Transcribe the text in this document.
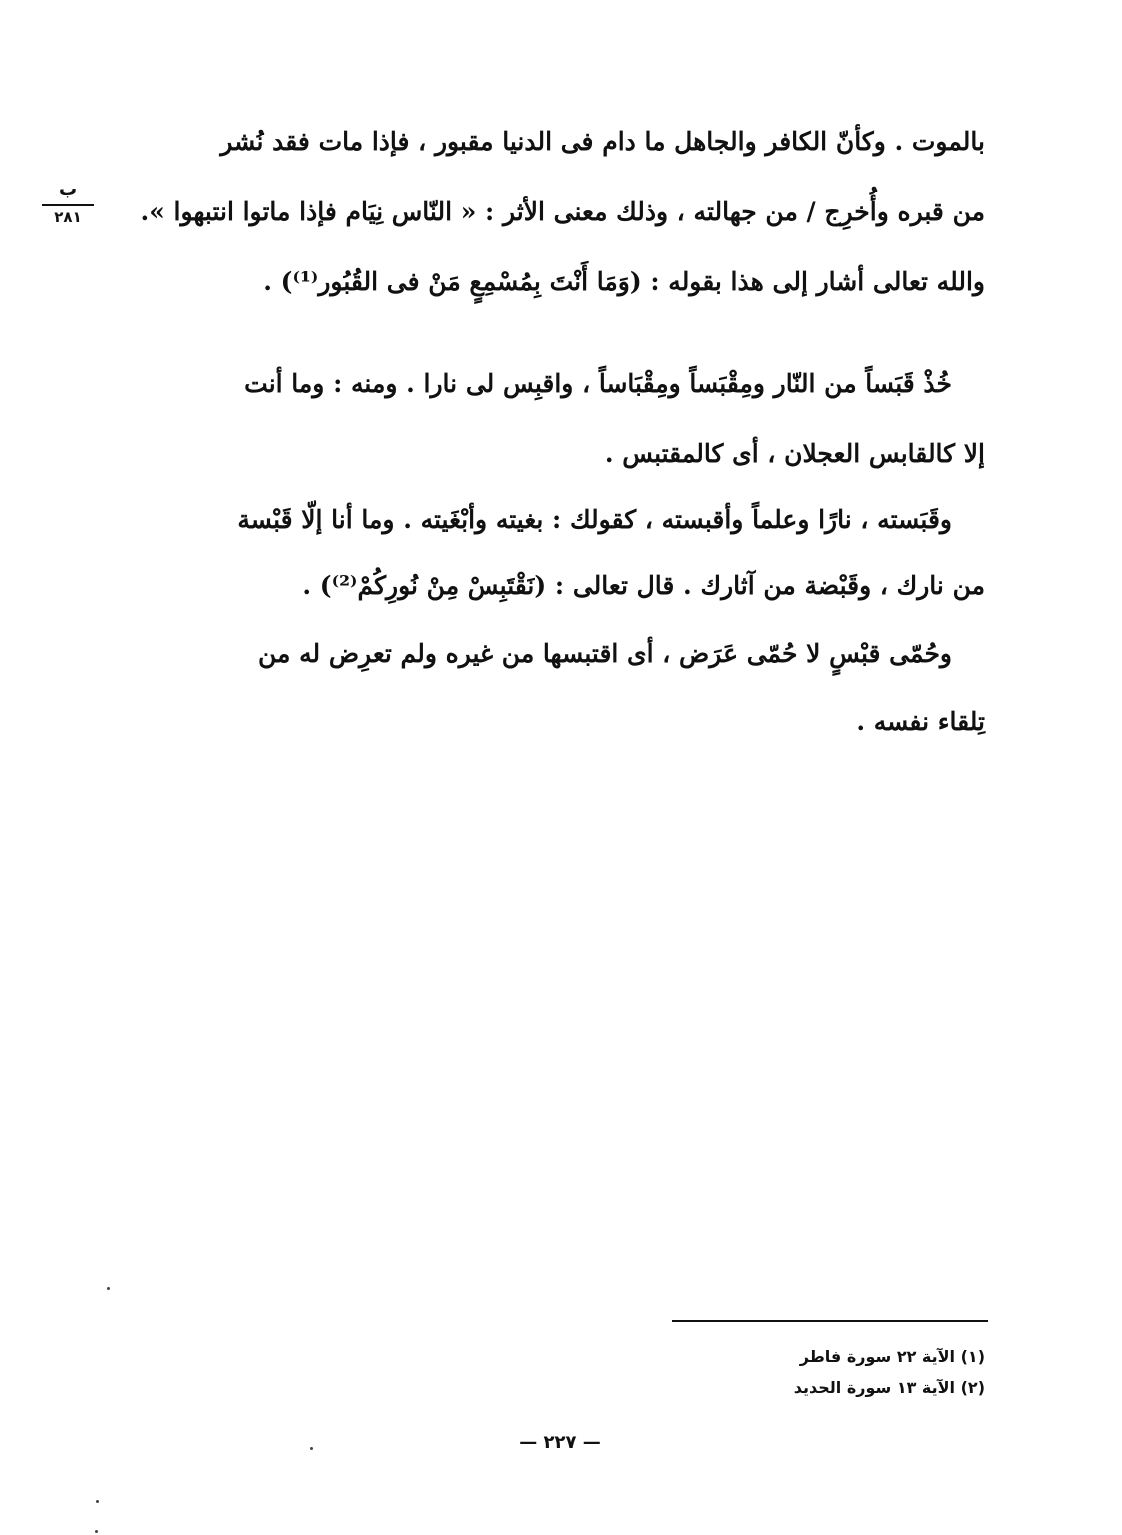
بالموت . وكأنّ الكافر والجاهل ما دام فى الدنيا مقبور ، فإذا مات فقد نُشر
من قبره وأُخرِج / من جهالته ، وذلك معنى الأثر : « النّاس نِيَام فإذا ماتوا انتبهوا ».
والله تعالى أشار إلى هذا بقوله : (وَمَا أَنْتَ بِمُسْمِعٍ مَنْ فى القُبُور⁽¹⁾) .
ب
٢٨١
خُذْ قَبَساً من النّار ومِقْبَساً ومِقْبَاساً ، واقبِس لى نارا . ومنه : وما أنت
إلا كالقابس العجلان ، أى كالمقتبس .
وقَبَسته ، نارًا وعلماً وأقبسته ، كقولك : بغيته وأبْغَيته . وما أنا إلّا قَبْسة
من نارك ، وقَبْضة من آثارك . قال تعالى : (نَقْتَبِسْ مِنْ نُورِكُمْ⁽²⁾) .
وحُمّى قبْسٍ لا حُمّى عَرَض ، أى اقتبسها من غيره ولم تعرِض له من
تِلقاء نفسه .
(١) الآية ٢٢ سورة فاطر
(٢) الآية ١٣ سورة الحديد
— ٢٢٧ —
